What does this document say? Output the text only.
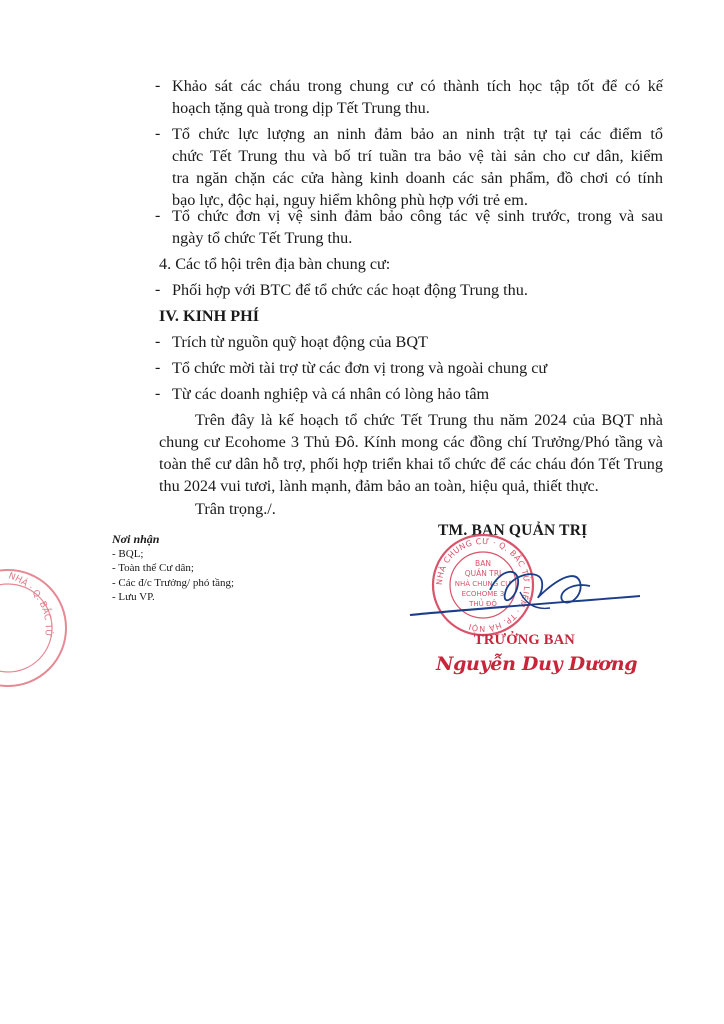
- Khảo sát các cháu trong chung cư có thành tích học tập tốt để có kế
hoạch tặng quà trong dịp Tết Trung thu.
- Tổ chức lực lượng an ninh đảm bảo an ninh trật tự tại các điểm tổ
chức Tết Trung thu và bố trí tuần tra bảo vệ tài sản cho cư dân, kiểm
tra ngăn chặn các cửa hàng kinh doanh các sản phẩm, đồ chơi có tính
bạo lực, độc hại, nguy hiểm không phù hợp với trẻ em.
- Tổ chức đơn vị vệ sinh đảm bảo công tác vệ sinh trước, trong và sau
ngày tổ chức Tết Trung thu.
4. Các tổ hội trên địa bàn chung cư:
- Phối hợp với BTC để tổ chức các hoạt động Trung thu.
IV. KINH PHÍ
- Trích từ nguồn quỹ hoạt động của BQT
- Tổ chức mời tài trợ từ các đơn vị trong và ngoài chung cư
- Từ các doanh nghiệp và cá nhân có lòng hảo tâm
Trên đây là kế hoạch tổ chức Tết Trung thu năm 2024 của BQT nhà
chung cư Ecohome 3 Thủ Đô. Kính mong các đồng chí Trưởng/Phó tầng và
toàn thể cư dân hỗ trợ, phối hợp triển khai tổ chức để các cháu đón Tết Trung
thu 2024 vui tươi, lành mạnh, đảm bảo an toàn, hiệu quả, thiết thực.
Trân trọng./.
Nơi nhận
- BQL;
- Toàn thể Cư dân;
- Các đ/c Trưởng/ phó tầng;
- Lưu VP.
NHÀ · Q. BẮC TỪ
TM. BAN QUẢN TRỊ
NHÀ CHUNG CƯ · Q. BẮC TỪ LIÊM · TP. HÀ NỘI
BAN
QUẢN TRỊ
NHÀ CHUNG CƯ
ECOHOME 3
THỦ ĐÔ
TRƯỞNG BAN
Nguyễn Duy Dương
